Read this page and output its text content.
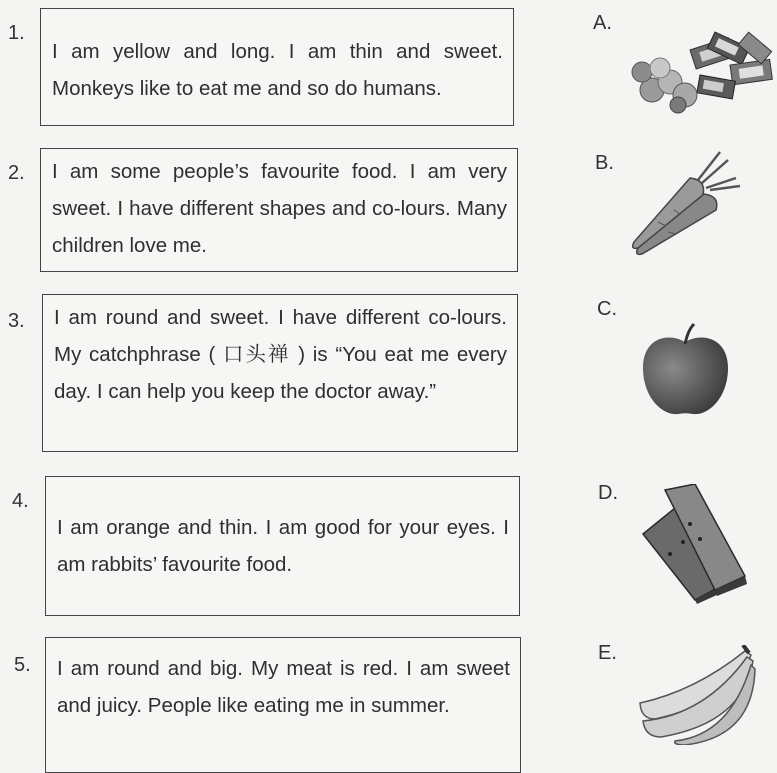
1.

I am yellow and long. I am thin and sweet. Monkeys like to eat me and so do humans.

2. I am some people’s favourite food. I am very sweet. I have different shapes and co-lours. Many children love me.

3. I am round and sweet. I have different co-lours. My catchphrase ( 口头禅 ) is “You eat me every day. I can help you keep the doctor away.”

4.

I am orange and thin. I am good for your eyes. I am rabbits’ favourite food.

5. I am round and big. My meat is red. I am sweet and juicy. People like eating me in summer.

A.
B.
C.
D.
E.
